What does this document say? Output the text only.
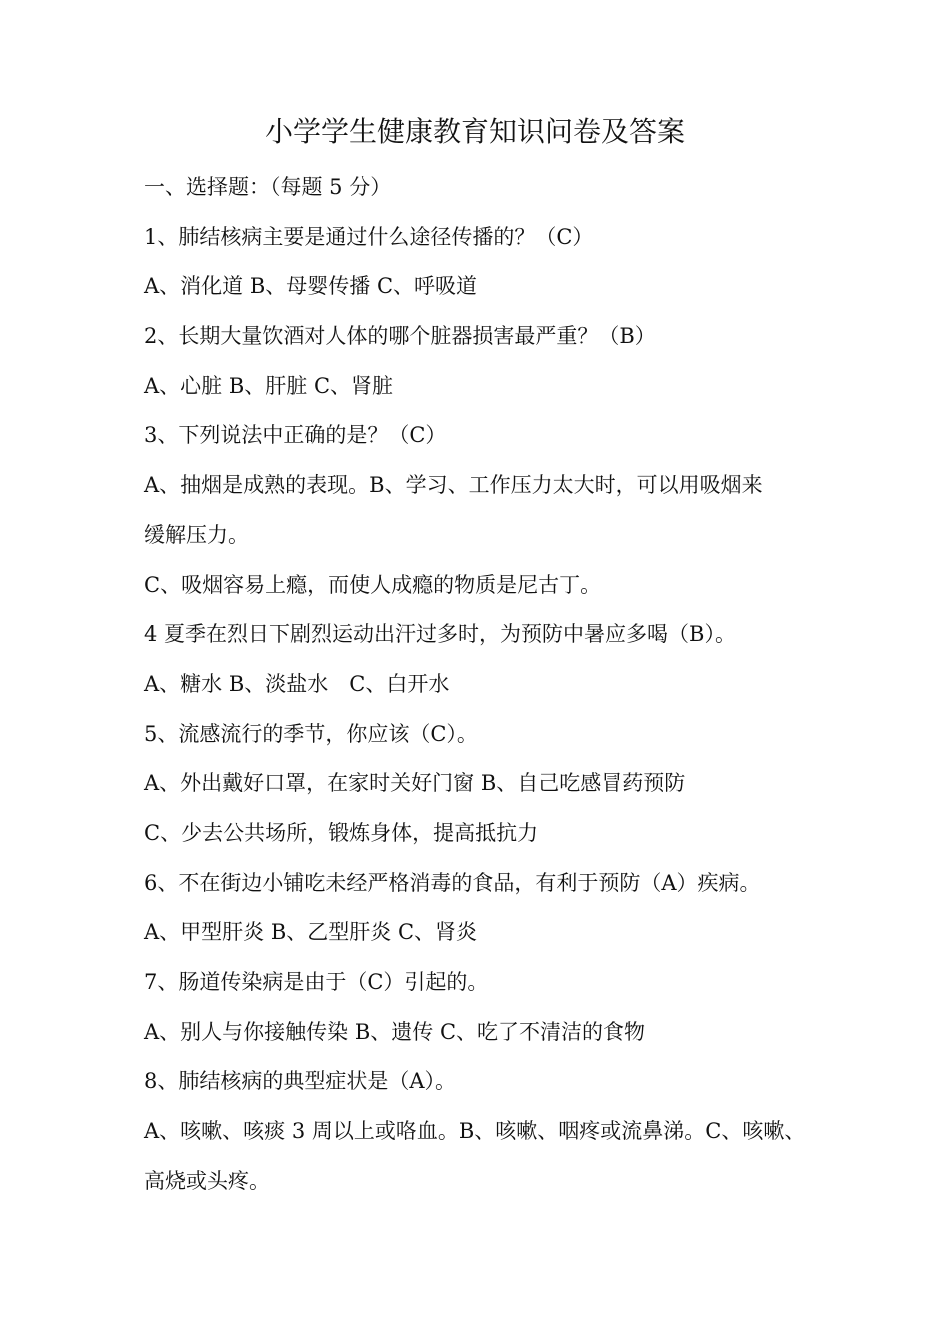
小学学生健康教育知识问卷及答案
一、选择题：（每题 5 分）
1、肺结核病主要是通过什么途径传播的？（C）
A、消化道 B、母婴传播 C、呼吸道
2、长期大量饮酒对人体的哪个脏器损害最严重？（B）
A、心脏 B、肝脏 C、肾脏
3、下列说法中正确的是？（C）
A、抽烟是成熟的表现。B、学习、工作压力太大时，可以用吸烟来
缓解压力。
C、吸烟容易上瘾，而使人成瘾的物质是尼古丁。
4 夏季在烈日下剧烈运动出汗过多时，为预防中暑应多喝（B）。
A、糖水 B、淡盐水　C、白开水
5、流感流行的季节，你应该（C）。
A、外出戴好口罩，在家时关好门窗 B、自己吃感冒药预防
C、少去公共场所，锻炼身体，提高抵抗力
6、不在街边小铺吃未经严格消毒的食品，有利于预防（A）疾病。
A、甲型肝炎 B、乙型肝炎 C、肾炎
7、肠道传染病是由于（C）引起的。
A、别人与你接触传染 B、遗传 C、吃了不清洁的食物
8、肺结核病的典型症状是（A）。
A、咳嗽、咳痰 3 周以上或咯血。B、咳嗽、咽疼或流鼻涕。C、咳嗽、
高烧或头疼。
